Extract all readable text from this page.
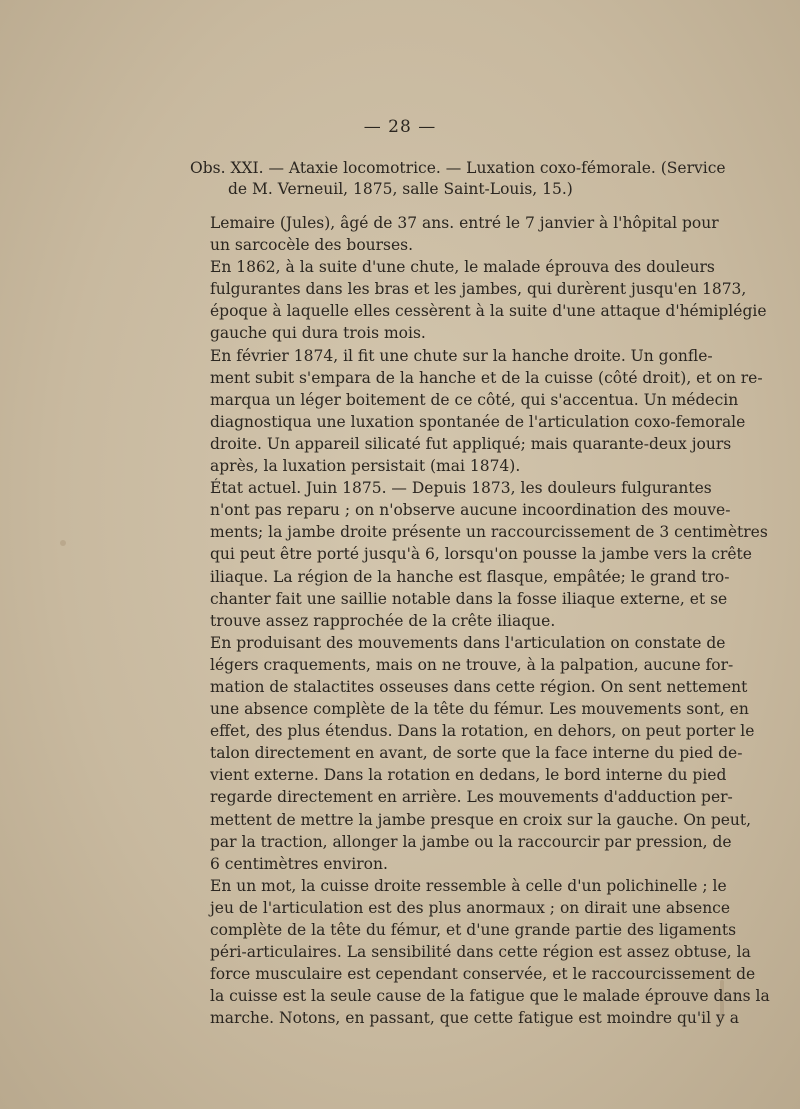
— 28 —
Obs. XXI. — Ataxie locomotrice. — Luxation coxo-fémorale. (Service
de M. Verneuil, 1875, salle Saint-Louis, 15.)

Lemaire (Jules), âgé de 37 ans. entré le 7 janvier à l'hôpital pour
un sarcocèle des bourses.

En 1862, à la suite d'une chute, le malade éprouva des douleurs
fulgurantes dans les bras et les jambes, qui durèrent jusqu'en 1873,
époque à laquelle elles cessèrent à la suite d'une attaque d'hémiplégie
gauche qui dura trois mois.

En février 1874, il fit une chute sur la hanche droite. Un gonfle-
ment subit s'empara de la hanche et de la cuisse (côté droit), et on re-
marqua un léger boitement de ce côté, qui s'accentua. Un médecin
diagnostiqua une luxation spontanée de l'articulation coxo-femorale
droite. Un appareil silicaté fut appliqué; mais quarante-deux jours
après, la luxation persistait (mai 1874).

État actuel. Juin 1875. — Depuis 1873, les douleurs fulgurantes
n'ont pas reparu ; on n'observe aucune incoordination des mouve-
ments; la jambe droite présente un raccourcissement de 3 centimètres
qui peut être porté jusqu'à 6, lorsqu'on pousse la jambe vers la crête
iliaque. La région de la hanche est flasque, empâtée; le grand tro-
chanter fait une saillie notable dans la fosse iliaque externe, et se
trouve assez rapprochée de la crête iliaque.

En produisant des mouvements dans l'articulation on constate de
légers craquements, mais on ne trouve, à la palpation, aucune for-
mation de stalactites osseuses dans cette région. On sent nettement
une absence complète de la tête du fémur. Les mouvements sont, en
effet, des plus étendus. Dans la rotation, en dehors, on peut porter le
talon directement en avant, de sorte que la face interne du pied de-
vient externe. Dans la rotation en dedans, le bord interne du pied
regarde directement en arrière. Les mouvements d'adduction per-
mettent de mettre la jambe presque en croix sur la gauche. On peut,
par la traction, allonger la jambe ou la raccourcir par pression, de
6 centimètres environ.

En un mot, la cuisse droite ressemble à celle d'un polichinelle ; le
jeu de l'articulation est des plus anormaux ; on dirait une absence
complète de la tête du fémur, et d'une grande partie des ligaments
péri-articulaires. La sensibilité dans cette région est assez obtuse, la
force musculaire est cependant conservée, et le raccourcissement de
la cuisse est la seule cause de la fatigue que le malade éprouve dans la
marche. Notons, en passant, que cette fatigue est moindre qu'il y a
